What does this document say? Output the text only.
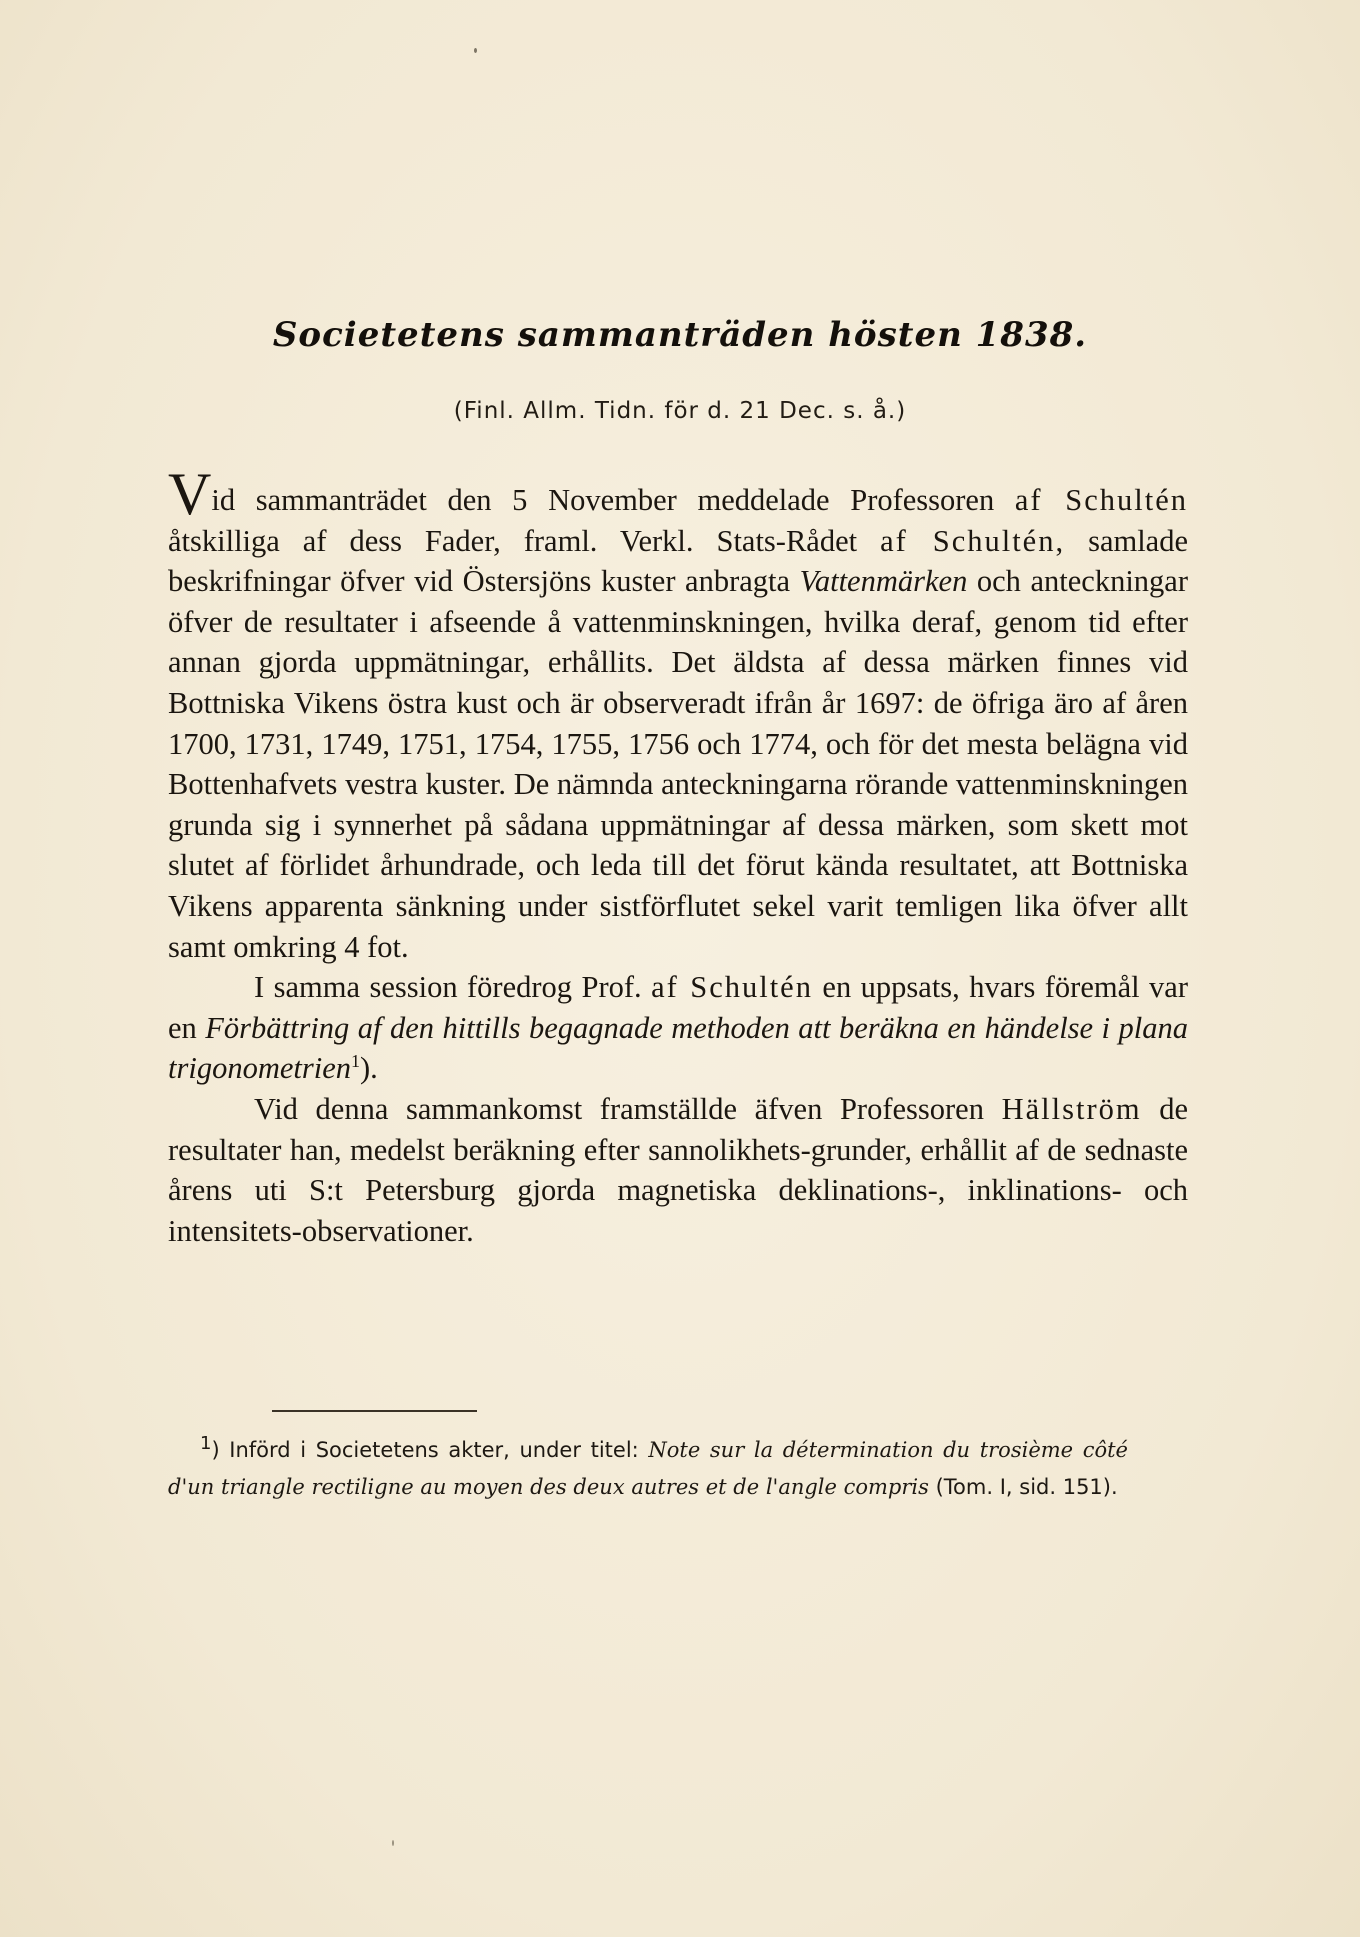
Societetens sammanträden hösten 1838.
(Finl. Allm. Tidn. för d. 21 Dec. s. å.)

Vid sammanträdet den 5 November meddelade Professoren af Schultén åtskilliga af dess Fader, framl. Verkl. Stats-Rådet af Schultén, samlade beskrifningar öfver vid Östersjöns kuster anbragta Vattenmärken och anteckningar öfver de resultater i afseende å vattenminskningen, hvilka deraf, genom tid efter annan gjorda uppmätningar, erhållits. Det äldsta af dessa märken finnes vid Bottniska Vikens östra kust och är observeradt ifrån år 1697: de öfriga äro af åren 1700, 1731, 1749, 1751, 1754, 1755, 1756 och 1774, och för det mesta belägna vid Bottenhafvets vestra kuster. De nämnda anteckningarna rörande vattenminskningen grunda sig i synnerhet på sådana uppmätningar af dessa märken, som skett mot slutet af förlidet århundrade, och leda till det förut kända resultatet, att Bottniska Vikens apparenta sänkning under sistförflutet sekel varit temligen lika öfver allt samt omkring 4 fot.

I samma session föredrog Prof. af Schultén en uppsats, hvars föremål var en Förbättring af den hittills begagnade methoden att beräkna en händelse i plana trigonometrien$^1$).

Vid denna sammankomst framställde äfven Professoren Hällström de resultater han, medelst beräkning efter sannolikhets-grunder, erhållit af de sednaste årens uti S:t Petersburg gjorda magnetiska deklinations-, inklinations- och intensitets-observationer.

$^1$) Införd i Societetens akter, under titel: Note sur la détermination du trosième côté d'un triangle rectiligne au moyen des deux autres et de l'angle compris (Tom. I, sid. 151).
